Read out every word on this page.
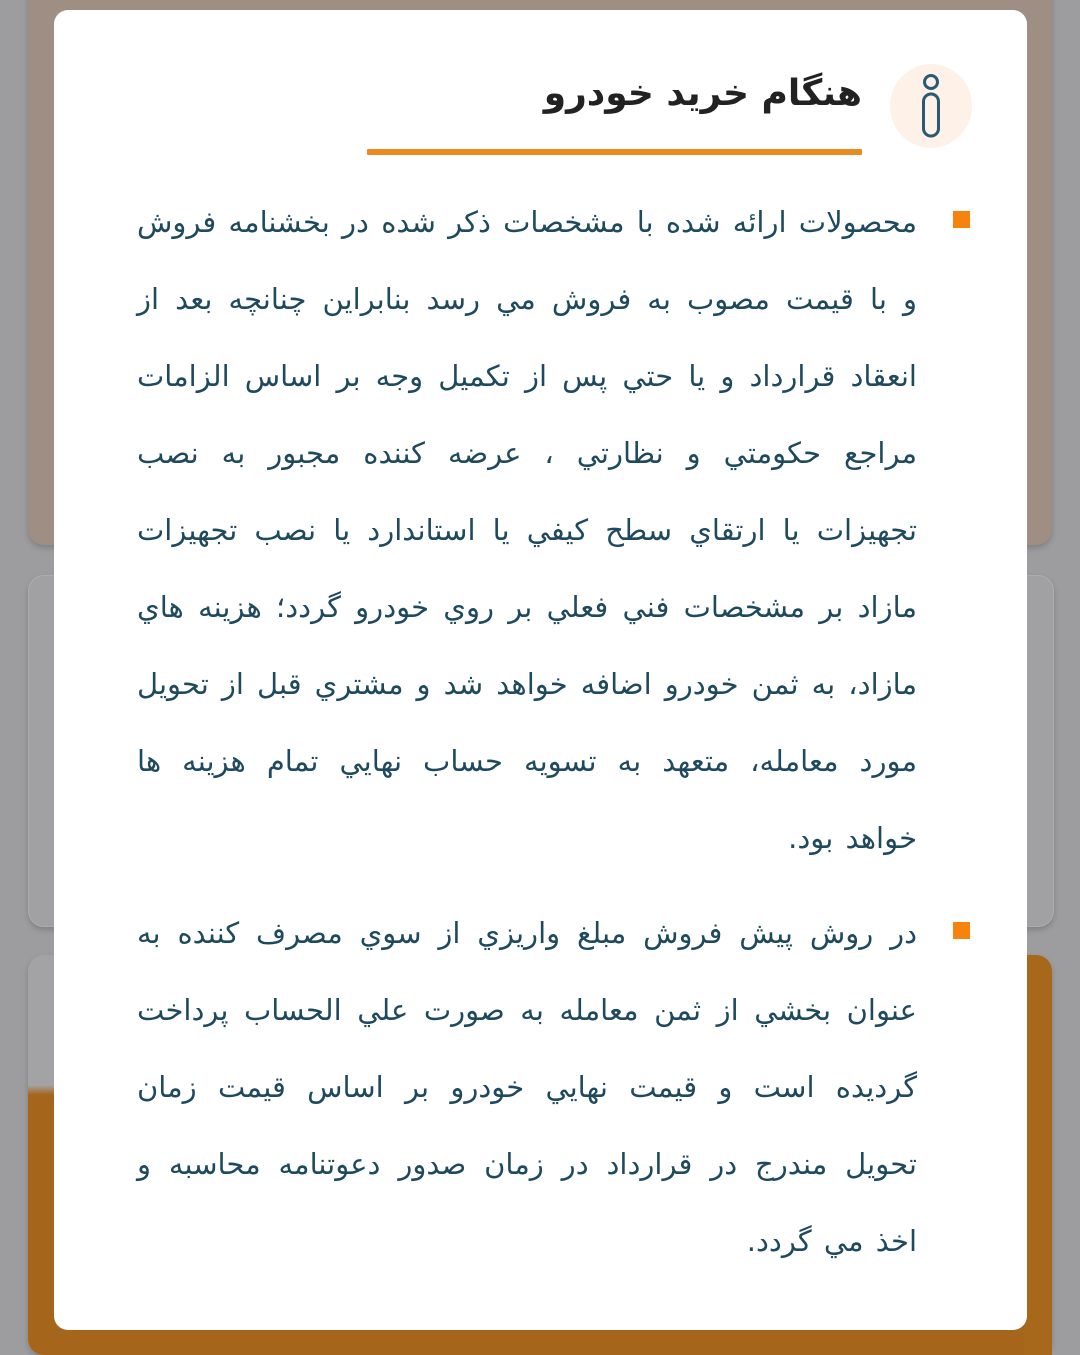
هنگام خرید خودرو

محصولات ارائه شده با مشخصات ذکر شده در بخشنامه فروش و با قیمت مصوب به فروش مي رسد بنابراين چنانچه بعد از انعقاد قرارداد و يا حتي پس از تکميل وجه بر اساس الزامات مراجع حکومتي و نظارتي ، عرضه کننده مجبور به نصب تجهيزات يا ارتقاي سطح کيفي يا استاندارد يا نصب تجهيزات مازاد بر مشخصات فني فعلي بر روي خودرو گردد؛ هزينه هاي مازاد، به ثمن خودرو اضافه خواهد شد و مشتري قبل از تحويل مورد معامله، متعهد به تسويه حساب نهايي تمام هزينه ها خواهد بود.

در روش پيش فروش مبلغ واريزي از سوي مصرف کننده به عنوان بخشي از ثمن معامله به صورت علي الحساب پرداخت گرديده است و قيمت نهايي خودرو بر اساس قيمت زمان تحويل مندرج در قرارداد در زمان صدور دعوتنامه محاسبه و اخذ مي گردد.
